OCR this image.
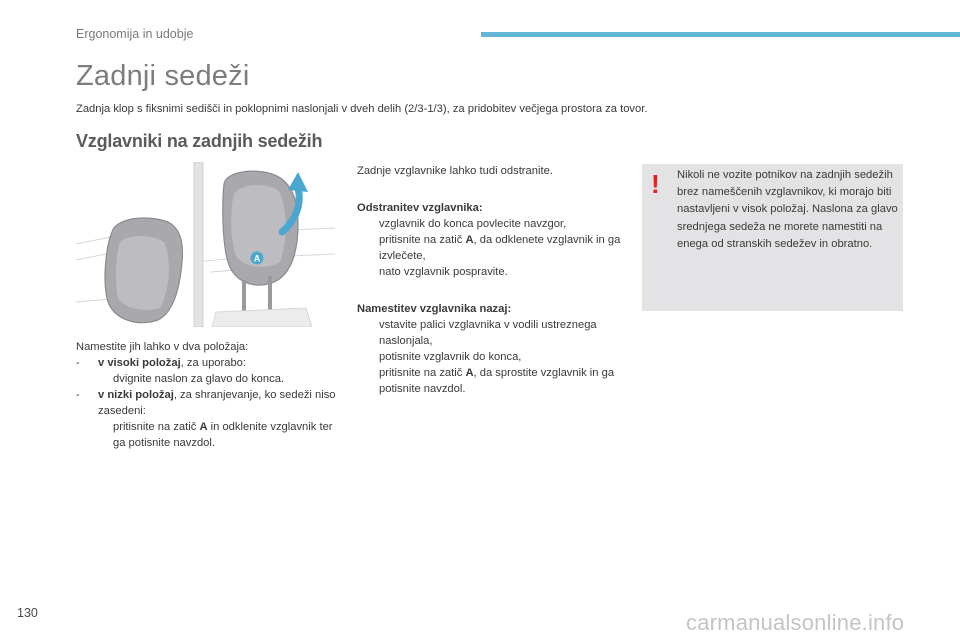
Ergonomija in udobje
Zadnji sedeži
Zadnja klop s fiksnimi sedišči in poklopnimi naslonjali v dveh delih (2/3-1/3), za pridobitev večjega prostora za tovor.
Vzglavniki na zadnjih sedežih
A
Namestite jih lahko v dva položaja:
- v visoki položaj, za uporabo:
dvignite naslon za glavo do konca.
- v nizki položaj, za shranjevanje, ko sedeži niso zasedeni:
pritisnite na zatič A in odklenite vzglavnik ter ga potisnite navzdol.
Zadnje vzglavnike lahko tudi odstranite.
Odstranitev vzglavnika:
vzglavnik do konca povlecite navzgor,
pritisnite na zatič A, da odklenete vzglavnik in ga izvlečete,
nato vzglavnik pospravite.
Namestitev vzglavnika nazaj:
vstavite palici vzglavnika v vodili ustreznega naslonjala,
potisnite vzglavnik do konca,
pritisnite na zatič A, da sprostite vzglavnik in ga potisnite navzdol.
! Nikoli ne vozite potnikov na zadnjih sedežih brez nameščenih vzglavnikov, ki morajo biti nastavljeni v visok položaj. Naslona za glavo srednjega sedeža ne morete namestiti na enega od stranskih sedežev in obratno.
130	carmanualsonline.info
